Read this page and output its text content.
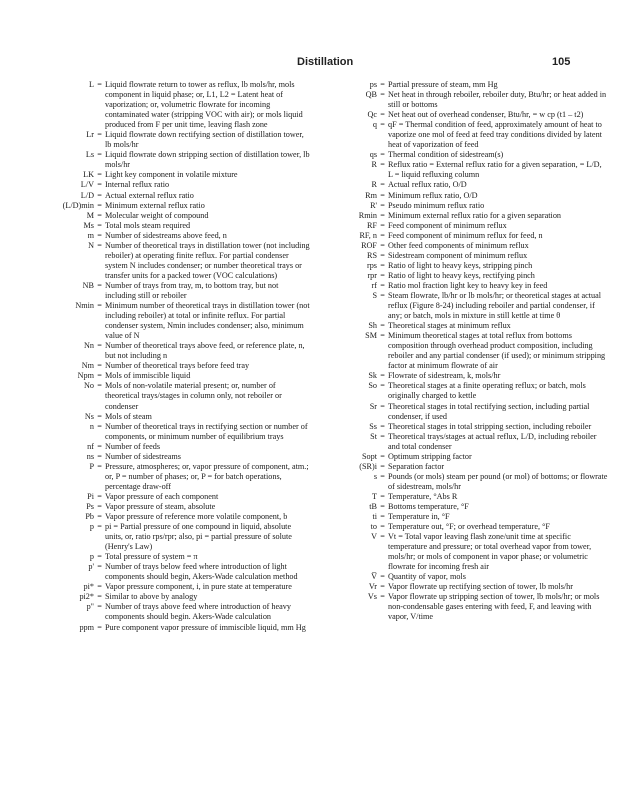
Distillation	105
L = Liquid flowrate return to tower as reflux, lb mols/hr, mols component in liquid phase; or, L1, L2 = Latent heat of vaporization; or, volumetric flowrate for incoming contaminated water (stripping VOC with air); or mols liquid produced from F per unit time, leaving flash zone
Lr = Liquid flowrate down rectifying section of distillation tower, lb mols/hr
Ls = Liquid flowrate down stripping section of distillation tower, lb mols/hr
LK = Light key component in volatile mixture
L/V = Internal reflux ratio
L/D = Actual external reflux ratio
(L/D)min = Minimum external reflux ratio
M = Molecular weight of compound
Ms = Total mols steam required
m = Number of sidestreams above feed, n
N = Number of theoretical trays in distillation tower (not including reboiler) at operating finite reflux. For partial condenser system N includes condenser; or number theoretical trays or transfer units for a packed tower (VOC calculations)
NB = Number of trays from tray, m, to bottom tray, but not including still or reboiler
Nmin = Minimum number of theoretical trays in distillation tower (not including reboiler) at total or infinite reflux. For partial condenser system, Nmin includes condenser; also, minimum value of N
Nn = Number of theoretical trays above feed, or reference plate, n, but not including n
Nm = Number of theoretical trays before feed tray
Npm = Mols of immiscible liquid
No = Mols of non-volatile material present; or, number of theoretical trays/stages in column only, not reboiler or condenser
Ns = Mols of steam
n = Number of theoretical trays in rectifying section or number of components, or minimum number of equilibrium trays
nf = Number of feeds
ns = Number of sidestreams
P = Pressure, atmospheres; or, vapor pressure of component, atm.; or, P = number of phases; or, P = for batch operations, percentage draw-off
Pi = Vapor pressure of each component
Ps = Vapor pressure of steam, absolute
Pb = Vapor pressure of reference more volatile component, b
p = pi = Partial pressure of one compound in liquid, absolute units, or, ratio rps/rpr; also, pi = partial pressure of solute (Henry's Law)
p = Total pressure of system = π
p' = Number of trays below feed where introduction of light components should begin, Akers-Wade calculation method
pi* = Vapor pressure component, i, in pure state at temperature
pi2* = Similar to above by analogy
p" = Number of trays above feed where introduction of heavy components should begin. Akers-Wade calculation
ppm = Pure component vapor pressure of immiscible liquid, mm Hg
ps = Partial pressure of steam, mm Hg
QB = Net heat in through reboiler, reboiler duty, Btu/hr; or heat added in still or bottoms
Qc = Net heat out of overhead condenser, Btu/hr, = w cp (t1 – t2)
q = qF = Thermal condition of feed, approximately amount of heat to vaporize one mol of feed at feed tray conditions divided by latent heat of vaporization of feed
qs = Thermal condition of sidestream(s)
R = Reflux ratio = External reflux ratio for a given separation, = L/D, L = liquid refluxing column
R = Actual reflux ratio, O/D
Rm = Minimum reflux ratio, O/D
R' = Pseudo minimum reflux ratio
Rmin = Minimum external reflux ratio for a given separation
RF = Feed component of minimum reflux
RF, n = Feed component of minimum reflux for feed, n
ROF = Other feed components of minimum reflux
RS = Sidestream component of minimum reflux
rps = Ratio of light to heavy keys, stripping pinch
rpr = Ratio of light to heavy keys, rectifying pinch
rf = Ratio mol fraction light key to heavy key in feed
S = Steam flowrate, lb/hr or lb mols/hr; or theoretical stages at actual reflux (Figure 8-24) including reboiler and partial condenser, if any; or batch, mols in mixture in still kettle at time θ
Sh = Theoretical stages at minimum reflux
SM = Minimum theoretical stages at total reflux from bottoms composition through overhead product composition, including reboiler and any partial condenser (if used); or minimum stripping factor at minimum flowrate of air
Sk = Flowrate of sidestream, k, mols/hr
So = Theoretical stages at a finite operating reflux; or batch, mols originally charged to kettle
Sr = Theoretical stages in total rectifying section, including partial condenser, if used
Ss = Theoretical stages in total stripping section, including reboiler
St = Theoretical trays/stages at actual reflux, L/D, including reboiler and total condenser
Sopt = Optimum stripping factor
(SR)i = Separation factor
s = Pounds (or mols) steam per pound (or mol) of bottoms; or flowrate of sidestream, mols/hr
T = Temperature, °Abs R
tB = Bottoms temperature, °F
ti = Temperature in, °F
to = Temperature out, °F; or overhead temperature, °F
V = Vt = Total vapor leaving flash zone/unit time at specific temperature and pressure; or total overhead vapor from tower, mols/hr; or mols of component in vapor phase; or volumetric flowrate for incoming fresh air
V̅ = Quantity of vapor, mols
Vr = Vapor flowrate up rectifying section of tower, lb mols/hr
Vs = Vapor flowrate up stripping section of tower, lb mols/hr; or mols non-condensable gases entering with feed, F, and leaving with vapor, V/time
